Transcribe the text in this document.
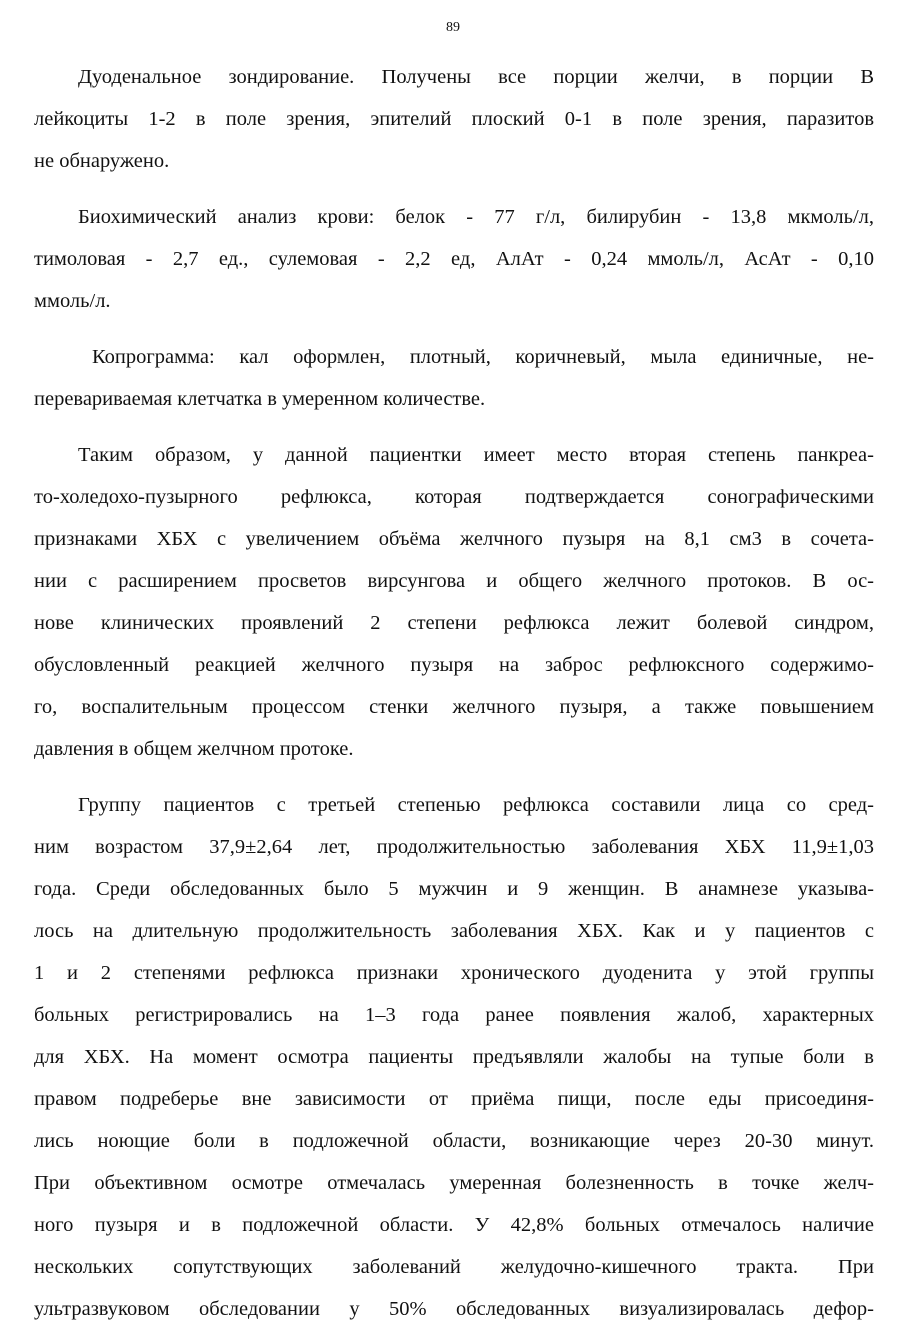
89
Дуоденальное зондирование. Получены все порции желчи, в порции В
лейкоциты 1-2 в поле зрения, эпителий плоский 0-1 в поле зрения, паразитов
не обнаружено.
Биохимический анализ крови: белок - 77 г/л, билирубин - 13,8 мкмоль/л,
тимоловая - 2,7 ед., сулемовая - 2,2 ед, АлАт - 0,24 ммоль/л, АсАт - 0,10
ммоль/л.
Копрограмма: кал оформлен, плотный, коричневый, мыла единичные, не-
перевариваемая клетчатка в умеренном количестве.
Таким образом, у данной пациентки имеет место вторая степень панкреа-
то-холедохо-пузырного рефлюкса, которая подтверждается сонографическими
признаками ХБХ с увеличением объёма желчного пузыря на 8,1 см3 в сочета-
нии с расширением просветов вирсунгова и общего желчного протоков. В ос-
нове клинических проявлений 2 степени рефлюкса лежит болевой синдром,
обусловленный реакцией желчного пузыря на заброс рефлюксного содержимо-
го, воспалительным процессом стенки желчного пузыря, а также повышением
давления в общем желчном протоке.
Группу пациентов с третьей степенью рефлюкса составили лица со сред-
ним возрастом 37,9±2,64 лет, продолжительностью заболевания ХБХ 11,9±1,03
года. Среди обследованных было 5 мужчин и 9 женщин. В анамнезе указыва-
лось на длительную продолжительность заболевания ХБХ. Как и у пациентов с
1 и 2 степенями рефлюкса признаки хронического дуоденита у этой группы
больных регистрировались на 1–3 года ранее появления жалоб, характерных
для ХБХ. На момент осмотра пациенты предъявляли жалобы на тупые боли в
правом подреберье вне зависимости от приёма пищи, после еды присоединя-
лись ноющие боли в подложечной области, возникающие через 20-30 минут.
При объективном осмотре отмечалась умеренная болезненность в точке желч-
ного пузыря и в подложечной области. У 42,8% больных отмечалось наличие
нескольких сопутствующих заболеваний желудочно-кишечного тракта. При
ультразвуковом обследовании у 50% обследованных визуализировалась дефор-
